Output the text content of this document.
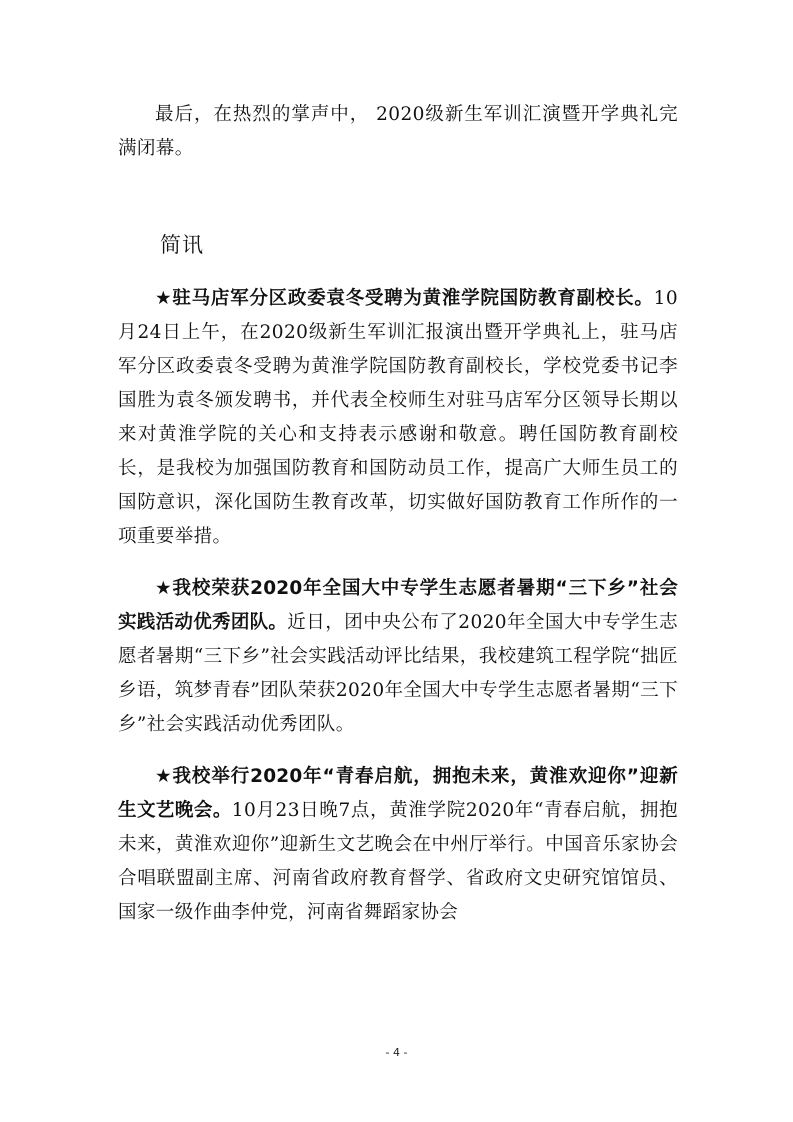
最后，在热烈的掌声中， 2020级新生军训汇演暨开学典礼完满闭幕。

简讯

★驻马店军分区政委袁冬受聘为黄淮学院国防教育副校长。10月24日上午，在2020级新生军训汇报演出暨开学典礼上，驻马店军分区政委袁冬受聘为黄淮学院国防教育副校长，学校党委书记李国胜为袁冬颁发聘书，并代表全校师生对驻马店军分区领导长期以来对黄淮学院的关心和支持表示感谢和敬意。聘任国防教育副校长，是我校为加强国防教育和国防动员工作，提高广大师生员工的国防意识，深化国防生教育改革，切实做好国防教育工作所作的一项重要举措。

★我校荣获2020年全国大中专学生志愿者暑期“三下乡”社会实践活动优秀团队。近日，团中央公布了2020年全国大中专学生志愿者暑期“三下乡”社会实践活动评比结果，我校建筑工程学院“拙匠乡语，筑梦青春”团队荣获2020年全国大中专学生志愿者暑期“三下乡”社会实践活动优秀团队。

★我校举行2020年“青春启航，拥抱未来，黄淮欢迎你”迎新生文艺晚会。10月23日晚7点，黄淮学院2020年“青春启航，拥抱未来，黄淮欢迎你”迎新生文艺晚会在中州厅举行。中国音乐家协会合唱联盟副主席、河南省政府教育督学、省政府文史研究馆馆员、国家一级作曲李仲党，河南省舞蹈家协会

- 4 -
